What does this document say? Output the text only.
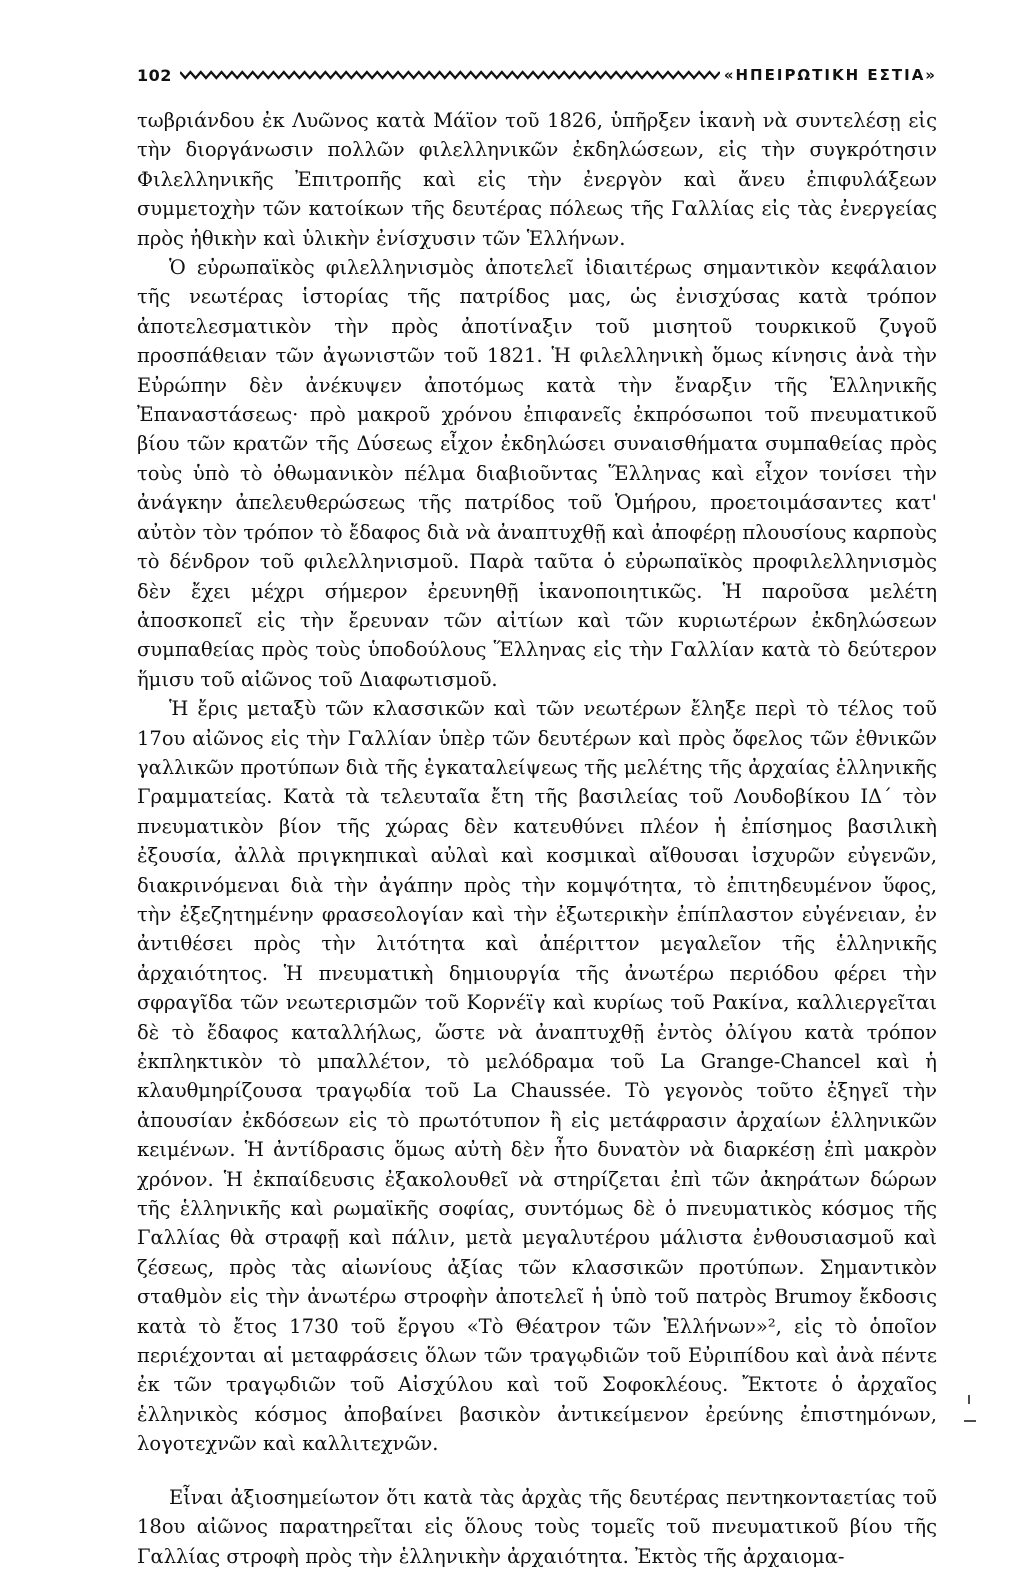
102	«ΗΠΕΙΡΩΤΙΚΗ ΕΣΤΙΑ»

τωβριάνδου ἐκ Λυῶνος κατὰ Μάϊον τοῦ 1826, ὑπῆρξεν ἱκανὴ νὰ συντελέσῃ εἰς τὴν διοργάνωσιν πολλῶν φιλελληνικῶν ἐκδηλώσεων, εἰς τὴν συγκρότησιν Φιλελληνικῆς Ἐπιτροπῆς καὶ εἰς τὴν ἐνεργὸν καὶ ἄνευ ἐπιφυλάξεων συμμετοχὴν τῶν κατοίκων τῆς δευτέρας πόλεως τῆς Γαλλίας εἰς τὰς ἐνεργείας πρὸς ἠθικὴν καὶ ὑλικὴν ἐνίσχυσιν τῶν Ἑλλήνων.

Ὁ εὐρωπαϊκὸς φιλελληνισμὸς ἀποτελεῖ ἰδιαιτέρως σημαντικὸν κεφάλαιον τῆς νεωτέρας ἱστορίας τῆς πατρίδος μας, ὡς ἐνισχύσας κατὰ τρόπον ἀποτελεσματικὸν τὴν πρὸς ἀποτίναξιν τοῦ μισητοῦ τουρκικοῦ ζυγοῦ προσπάθειαν τῶν ἀγωνιστῶν τοῦ 1821. Ἡ φιλελληνικὴ ὅμως κίνησις ἀνὰ τὴν Εὐρώπην δὲν ἀνέκυψεν ἀποτόμως κατὰ τὴν ἔναρξιν τῆς Ἑλληνικῆς Ἐπαναστάσεως· πρὸ μακροῦ χρόνου ἐπιφανεῖς ἐκπρόσωποι τοῦ πνευματικοῦ βίου τῶν κρατῶν τῆς Δύσεως εἶχον ἐκδηλώσει συναισθήματα συμπαθείας πρὸς τοὺς ὑπὸ τὸ ὀθωμανικὸν πέλμα διαβιοῦντας Ἕλληνας καὶ εἶχον τονίσει τὴν ἀνάγκην ἀπελευθερώσεως τῆς πατρίδος τοῦ Ὁμήρου, προετοιμάσαντες κατ' αὐτὸν τὸν τρόπον τὸ ἔδαφος διὰ νὰ ἀναπτυχθῇ καὶ ἀποφέρῃ πλουσίους καρποὺς τὸ δένδρον τοῦ φιλελληνισμοῦ. Παρὰ ταῦτα ὁ εὐρωπαϊκὸς προφιλελληνισμὸς δὲν ἔχει μέχρι σήμερον ἐρευνηθῇ ἱκανοποιητικῶς. Ἡ παροῦσα μελέτη ἀποσκοπεῖ εἰς τὴν ἔρευναν τῶν αἰτίων καὶ τῶν κυριωτέρων ἐκδηλώσεων συμπαθείας πρὸς τοὺς ὑποδούλους Ἕλληνας εἰς τὴν Γαλλίαν κατὰ τὸ δεύτερον ἥμισυ τοῦ αἰῶνος τοῦ Διαφωτισμοῦ.

Ἡ ἔρις μεταξὺ τῶν κλασσικῶν καὶ τῶν νεωτέρων ἔληξε περὶ τὸ τέλος τοῦ 17ου αἰῶνος εἰς τὴν Γαλλίαν ὑπὲρ τῶν δευτέρων καὶ πρὸς ὄφελος τῶν ἐθνικῶν γαλλικῶν προτύπων διὰ τῆς ἐγκαταλείψεως τῆς μελέτης τῆς ἀρχαίας ἑλληνικῆς Γραμματείας. Κατὰ τὰ τελευταῖα ἔτη τῆς βασιλείας τοῦ Λουδοβίκου ΙΔ΄ τὸν πνευματικὸν βίον τῆς χώρας δὲν κατευθύνει πλέον ἡ ἐπίσημος βασιλικὴ ἐξουσία, ἀλλὰ πριγκηπικαὶ αὐλαὶ καὶ κοσμικαὶ αἴθουσαι ἰσχυρῶν εὐγενῶν, διακρινόμεναι διὰ τὴν ἀγάπην πρὸς τὴν κομψότητα, τὸ ἐπιτηδευμένον ὕφος, τὴν ἐξεζητημένην φρασεολογίαν καὶ τὴν ἐξωτερικὴν ἐπίπλαστον εὐγένειαν, ἐν ἀντιθέσει πρὸς τὴν λιτότητα καὶ ἀπέριττον μεγαλεῖον τῆς ἑλληνικῆς ἀρχαιότητος. Ἡ πνευματικὴ δημιουργία τῆς ἀνωτέρω περιόδου φέρει τὴν σφραγῖδα τῶν νεωτερισμῶν τοῦ Κορνέϊγ καὶ κυρίως τοῦ Ρακίνα, καλλιεργεῖται δὲ τὸ ἔδαφος καταλλήλως, ὥστε νὰ ἀναπτυχθῇ ἐντὸς ὀλίγου κατὰ τρόπον ἐκπληκτικὸν τὸ μπαλλέτον, τὸ μελόδραμα τοῦ La Grange-Chancel καὶ ἡ κλαυθμηρίζουσα τραγῳδία τοῦ La Chaussée. Τὸ γεγονὸς τοῦτο ἐξηγεῖ τὴν ἀπουσίαν ἐκδόσεων εἰς τὸ πρωτότυπον ἢ εἰς μετάφρασιν ἀρχαίων ἑλληνικῶν κειμένων. Ἡ ἀντίδρασις ὅμως αὐτὴ δὲν ἦτο δυνατὸν νὰ διαρκέσῃ ἐπὶ μακρὸν χρόνον. Ἡ ἐκπαίδευσις ἐξακολουθεῖ νὰ στηρίζεται ἐπὶ τῶν ἀκηράτων δώρων τῆς ἑλληνικῆς καὶ ρωμαϊκῆς σοφίας, συντόμως δὲ ὁ πνευματικὸς κόσμος τῆς Γαλλίας θὰ στραφῇ καὶ πάλιν, μετὰ μεγαλυτέρου μάλιστα ἐνθουσιασμοῦ καὶ ζέσεως, πρὸς τὰς αἰωνίους ἀξίας τῶν κλασσικῶν προτύπων. Σημαντικὸν σταθμὸν εἰς τὴν ἀνωτέρω στροφὴν ἀποτελεῖ ἡ ὑπὸ τοῦ πατρὸς Brumoy ἔκδοσις κατὰ τὸ ἔτος 1730 τοῦ ἔργου «Τὸ Θέατρον τῶν Ἑλλήνων»², εἰς τὸ ὁποῖον περιέχονται αἱ μεταφράσεις ὅλων τῶν τραγῳδιῶν τοῦ Εὐριπίδου καὶ ἀνὰ πέντε ἐκ τῶν τραγῳδιῶν τοῦ Αἰσχύλου καὶ τοῦ Σοφοκλέους. Ἔκτοτε ὁ ἀρχαῖος ἑλληνικὸς κόσμος ἀποβαίνει βασικὸν ἀντικείμενον ἐρεύνης ἐπιστημόνων, λογοτεχνῶν καὶ καλλιτεχνῶν.

Εἶναι ἀξιοσημείωτον ὅτι κατὰ τὰς ἀρχὰς τῆς δευτέρας πεντηκονταετίας τοῦ 18ου αἰῶνος παρατηρεῖται εἰς ὅλους τοὺς τομεῖς τοῦ πνευματικοῦ βίου τῆς Γαλλίας στροφὴ πρὸς τὴν ἑλληνικὴν ἀρχαιότητα. Ἐκτὸς τῆς ἀρχαιομα-
